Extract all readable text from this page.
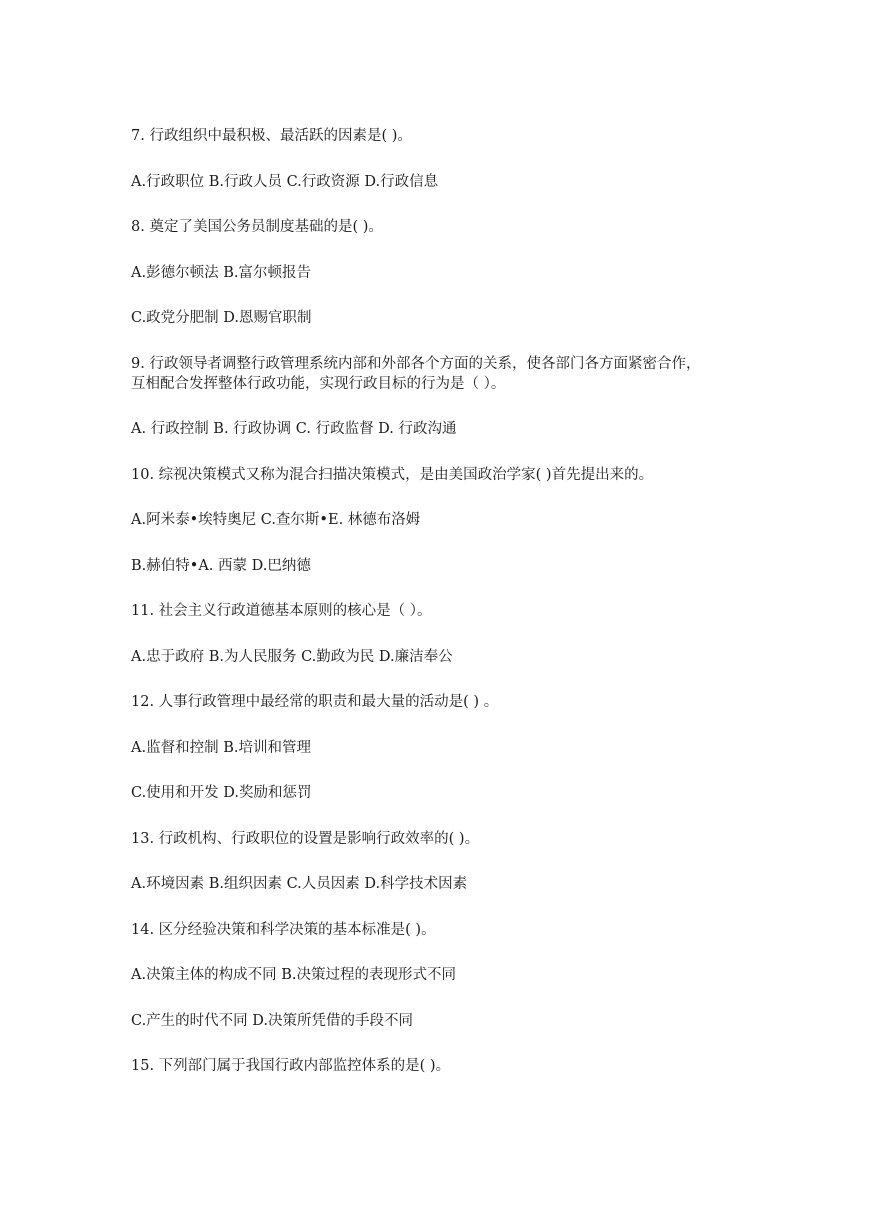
7. 行政组织中最积极、最活跃的因素是( )。
A.行政职位 B.行政人员 C.行政资源 D.行政信息
8. 奠定了美国公务员制度基础的是( )。
A.彭德尔顿法 B.富尔顿报告
C.政党分肥制 D.恩赐官职制
9. 行政领导者调整行政管理系统内部和外部各个方面的关系，使各部门各方面紧密合作，
互相配合发挥整体行政功能，实现行政目标的行为是（ ）。
A. 行政控制 B. 行政协调 C. 行政监督 D. 行政沟通
10. 综视决策模式又称为混合扫描决策模式，是由美国政治学家( )首先提出来的。
A.阿米泰•埃特奥尼 C.查尔斯•E. 林德布洛姆
B.赫伯特•A. 西蒙 D.巴纳德
11. 社会主义行政道德基本原则的核心是（ ）。
A.忠于政府 B.为人民服务 C.勤政为民 D.廉洁奉公
12. 人事行政管理中最经常的职责和最大量的活动是( ) 。
A.监督和控制 B.培训和管理
C.使用和开发 D.奖励和惩罚
13. 行政机构、行政职位的设置是影响行政效率的( )。
A.环境因素 B.组织因素 C.人员因素 D.科学技术因素
14. 区分经验决策和科学决策的基本标准是( )。
A.决策主体的构成不同 B.决策过程的表现形式不同
C.产生的时代不同 D.决策所凭借的手段不同
15. 下列部门属于我国行政内部监控体系的是( )。
